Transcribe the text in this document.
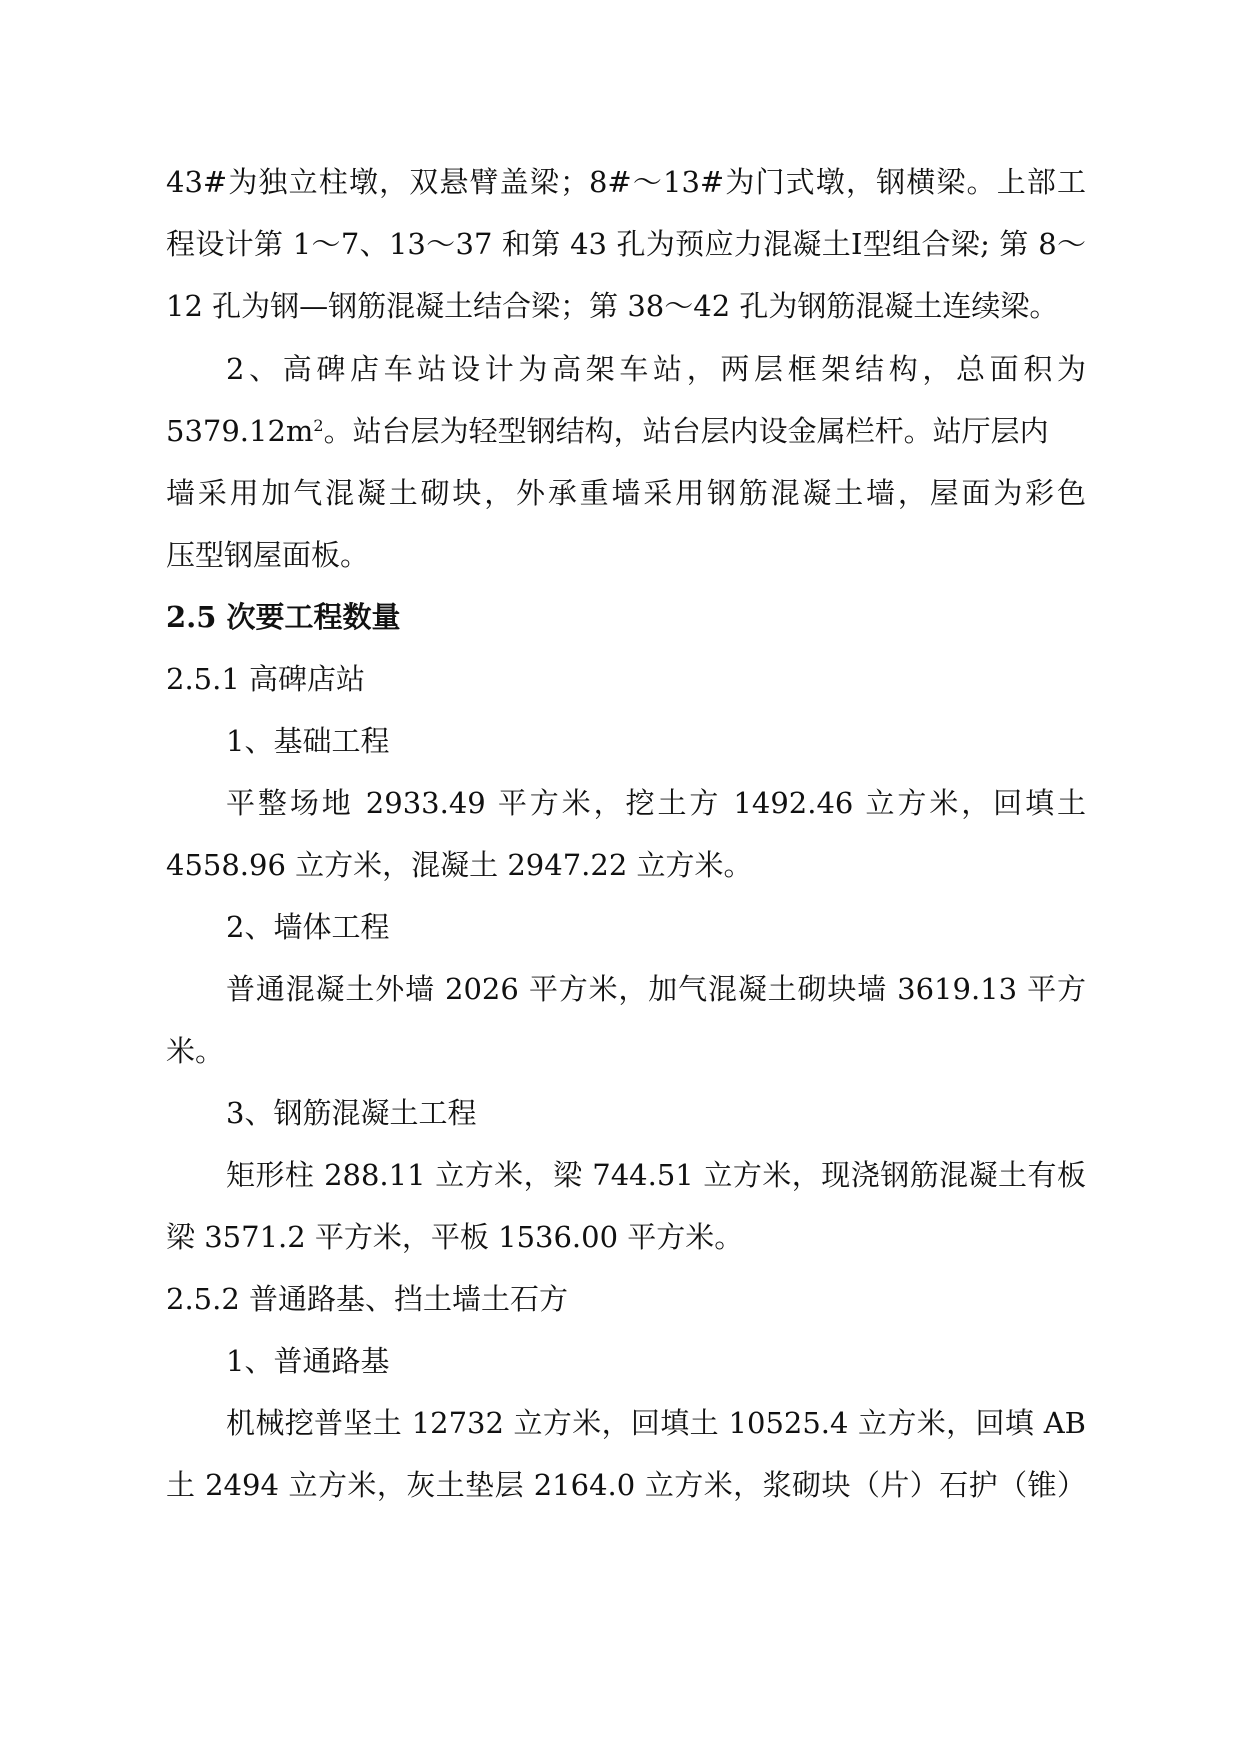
43#为独立柱墩，双悬臂盖梁；8#～13#为门式墩，钢横梁。上部工
程设计第 1～7、13～37 和第 43 孔为预应力混凝土Ⅰ型组合梁; 第 8～
12 孔为钢—钢筋混凝土结合梁；第 38～42 孔为钢筋混凝土连续梁。
2、高碑店车站设计为高架车站，两层框架结构，总面积为
$5379.12m^2$。站台层为轻型钢结构，站台层内设金属栏杆。站厅层内
墙采用加气混凝土砌块，外承重墙采用钢筋混凝土墙，屋面为彩色
压型钢屋面板。
2.5 次要工程数量
2.5.1 高碑店站
1、基础工程
平整场地 2933.49 平方米，挖土方 1492.46 立方米，回填土
4558.96 立方米，混凝土 2947.22 立方米。
2、墙体工程
普通混凝土外墙 2026 平方米，加气混凝土砌块墙 3619.13 平方
米。
3、钢筋混凝土工程
矩形柱 288.11 立方米，梁 744.51 立方米，现浇钢筋混凝土有板
梁 3571.2 平方米，平板 1536.00 平方米。
2.5.2 普通路基、挡土墙土石方
1、普通路基
机械挖普坚土 12732 立方米，回填土 10525.4 立方米，回填 AB
土 2494 立方米，灰土垫层 2164.0 立方米，浆砌块（片）石护（锥）
